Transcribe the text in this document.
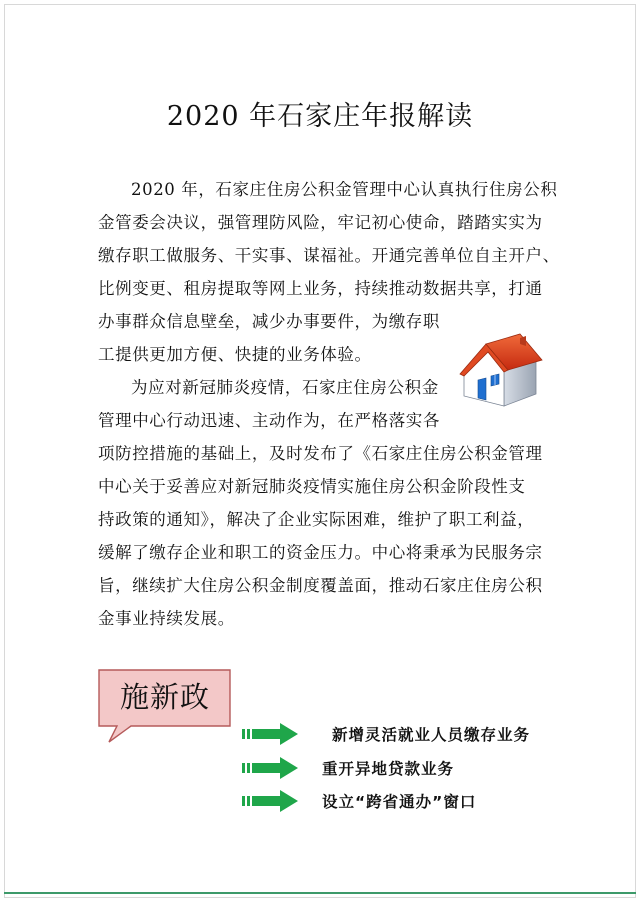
2020 年石家庄年报解读

2020 年，石家庄住房公积金管理中心认真执行住房公积
金管委会决议，强管理防风险，牢记初心使命，踏踏实实为
缴存职工做服务、干实事、谋福祉。开通完善单位自主开户、
比例变更、租房提取等网上业务，持续推动数据共享，打通
办事群众信息壁垒，减少办事要件，为缴存职
工提供更加方便、快捷的业务体验。

为应对新冠肺炎疫情，石家庄住房公积金
管理中心行动迅速、主动作为，在严格落实各
项防控措施的基础上，及时发布了《石家庄住房公积金管理
中心关于妥善应对新冠肺炎疫情实施住房公积金阶段性支
持政策的通知》，解决了企业实际困难，维护了职工利益，
缓解了缴存企业和职工的资金压力。中心将秉承为民服务宗
旨，继续扩大住房公积金制度覆盖面，推动石家庄住房公积
金事业持续发展。

施新政
新增灵活就业人员缴存业务
重开异地贷款业务
设立“跨省通办”窗口
